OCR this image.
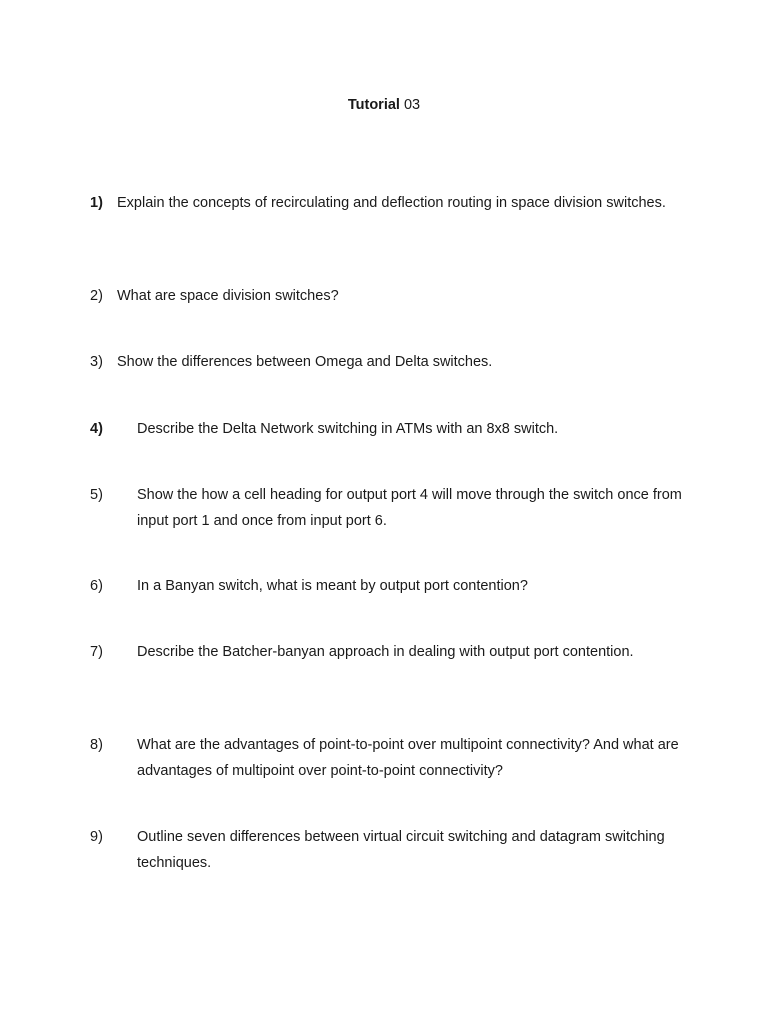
Tutorial 03
1) Explain the concepts of recirculating and deflection routing in space division switches.
2) What are space division switches?
3) Show the differences between Omega and Delta switches.
4) Describe the Delta Network switching in ATMs with an 8x8 switch.
5) Show the how a cell heading for output port 4 will move through the switch once from input port 1 and once from input port 6.
6) In a Banyan switch, what is meant by output port contention?
7) Describe the Batcher-banyan approach in dealing with output port contention.
8) What are the advantages of point-to-point over multipoint connectivity? And what are advantages of multipoint over point-to-point connectivity?
9) Outline seven differences between virtual circuit switching and datagram switching techniques.
